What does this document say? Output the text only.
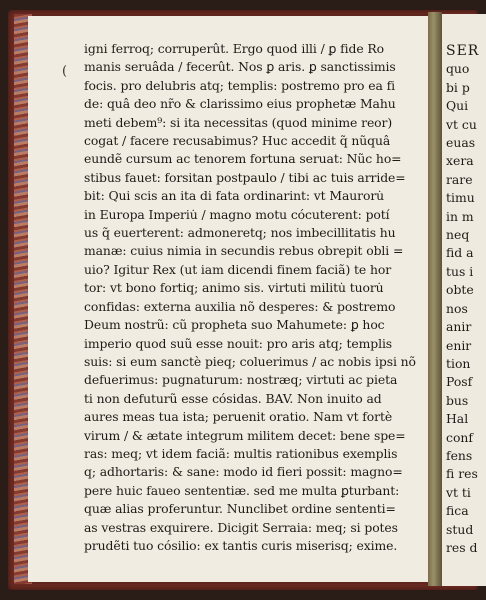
SER
quo
bi p
Qui
vt cu
euas
xera
rare
timu
in m
neq
fid a
tus i
obte
nos
anir
enir
tion
Posf
bus
Hal
conf
fens
fi res
vt ti
fica
stud
res d
(
igni ferroq; corruperût. Ergo quod illi / ꝑ fide Ro
manis seruâda / fecerût. Nos ꝑ aris. ꝑ sanctissimis
focis. pro delubris atq; templis: postremo pro ea fi
de: quâ deo nr̃o & clarissimo eius prophetæ Mahu
meti debem⁹: si ita necessitas (quod minime reor)
cogat / facere recusabimus? Huc accedit q̃ nũquâ
eundẽ cursum ac tenorem fortuna seruat: Nũc ho=
stibus fauet: forsitan postpaulo / tibi ac tuis arride=
bit: Qui scis an ita di fata ordinarint: vt Mauroru̇
in Europa Imperiu̇ / magno motu cócuterent: potí
us q̃ euerterent: admoneretq; nos imbecillitatis hu
manæ: cuius nimia in secundis rebus obrepit obli =
uio? Igitur Rex (ut iam dicendi finem faciã) te hor
tor: vt bono fortiq; animo sis. virtuti militu̇ tuoru̇
confidas: externa auxilia nõ desperes: & postremo
Deum nostrũ: cũ propheta suo Mahumete: ꝑ hoc
imperio quod suũ esse nouit: pro aris atq; templis
suis: si eum sanctè pieq; coluerimus / ac nobis ipsi nõ
defuerimus: pugnaturum: nostræq; virtuti ac pieta
ti non defuturũ esse cósidas. BAV. Non inuito ad
aures meas tua ista; peruenit oratio. Nam vt fortè
virum / & ætate integrum militem decet: bene spe=
ras: meq; vt idem faciã: multis rationibus exemplis
q; adhortaris: & sane: modo id fieri possit: magno=
pere huic faueo sententiæ. sed me multa ꝑturbant:
quæ alias proferuntur. Nunclibet ordine sententi=
as vestras exquirere. Dicigit Serraia: meq; si potes
prudẽti tuo cósilio: ex tantis curis miserisq; exime.
